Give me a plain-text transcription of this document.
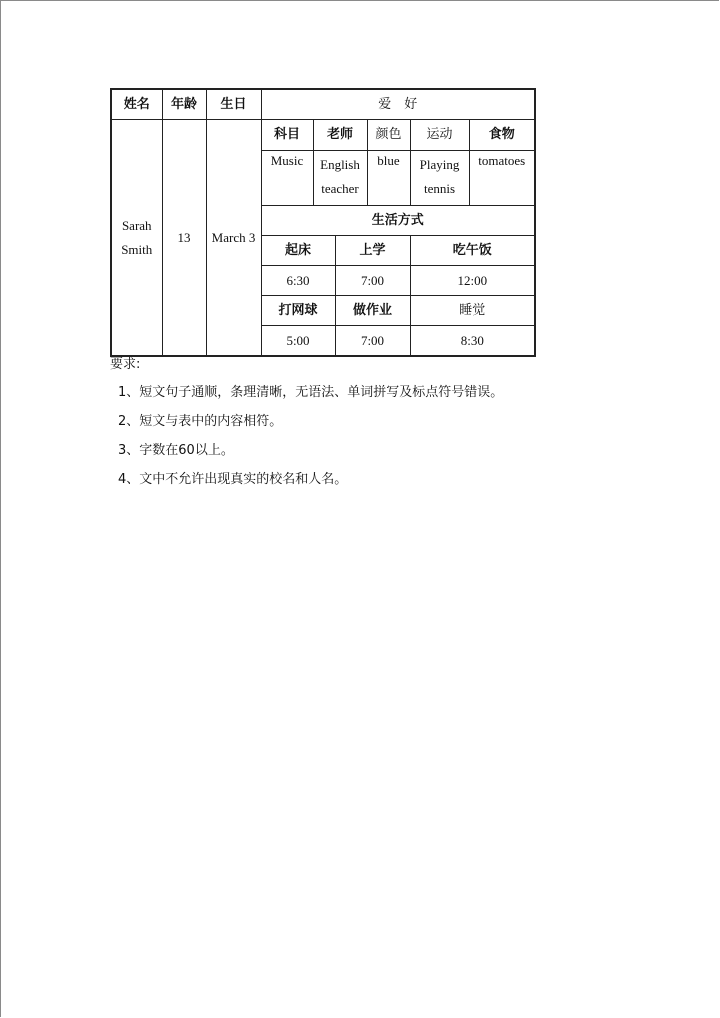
姓名	年龄	生日	爱　好					
Sarah Smith	13	March 3	科目	老师		颜色	运动	食物
			Music	English teacher		blue	Playing tennis	tomatoes
			生活方式					
			起床		上学		吃午饭	
			6:30		7:00		12:00	
			打网球		做作业		睡觉	
			5:00		7:00		8:30	
要求:
1、短文句子通顺，条理清晰，无语法、单词拼写及标点符号错误。
2、短文与表中的内容相符。
3、字数在60以上。
4、文中不允许出现真实的校名和人名。
